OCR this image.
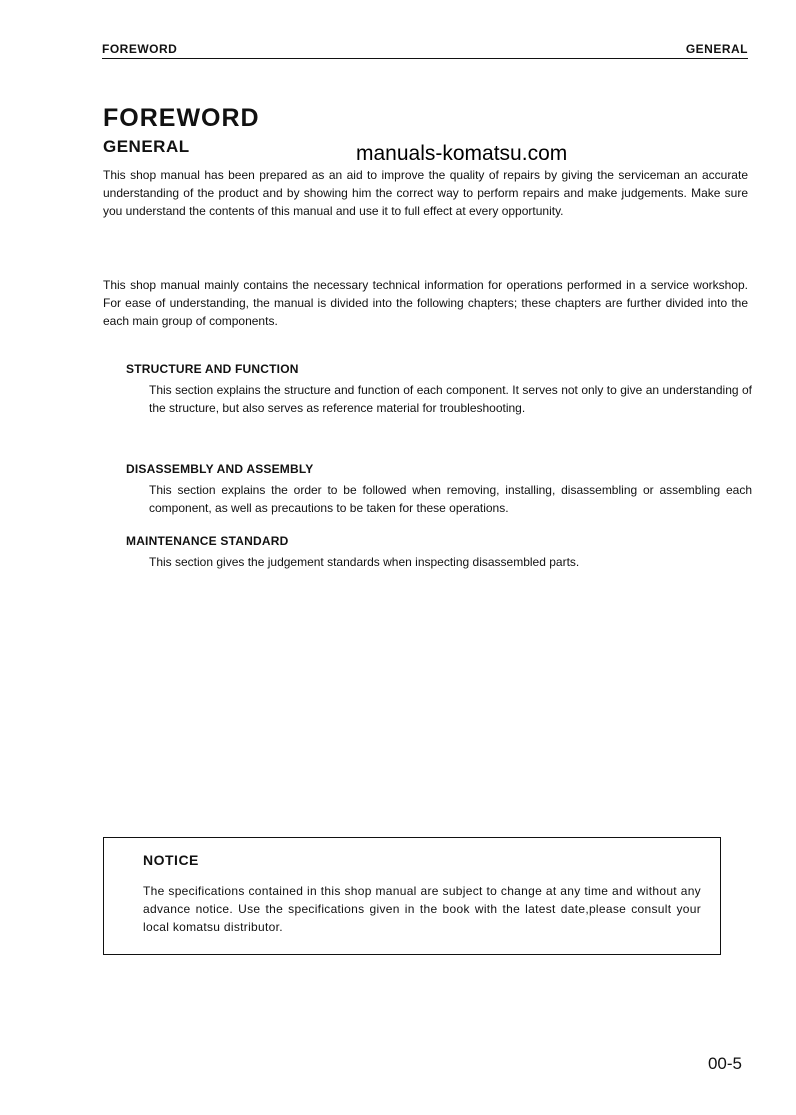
FOREWORD	GENERAL
FOREWORD
GENERAL	manuals-komatsu.com

This shop manual has been prepared as an aid to improve the quality of repairs by giving the serviceman an accurate understanding of the product and by showing him the correct way to perform repairs and make judgements. Make sure you understand the contents of this manual and use it to full effect at every opportunity.

This shop manual mainly contains the necessary technical information for operations performed in a service workshop. For ease of understanding, the manual is divided into the following chapters; these chapters are further divided into the each main group of components.

STRUCTURE AND FUNCTION

This section explains the structure and function of each component. It serves not only to give an understanding of the structure, but also serves as reference material for troubleshooting.

DISASSEMBLY AND ASSEMBLY

This section explains the order to be followed when removing, installing, disassembling or assembling each component, as well as precautions to be taken for these operations.

MAINTENANCE STANDARD

This section gives the judgement standards when inspecting disassembled parts.

NOTICE

The specifications contained in this shop manual are subject to change at any time and without any advance notice. Use the specifications given in the book with the latest date,please consult your local komatsu distributor.

00-5
